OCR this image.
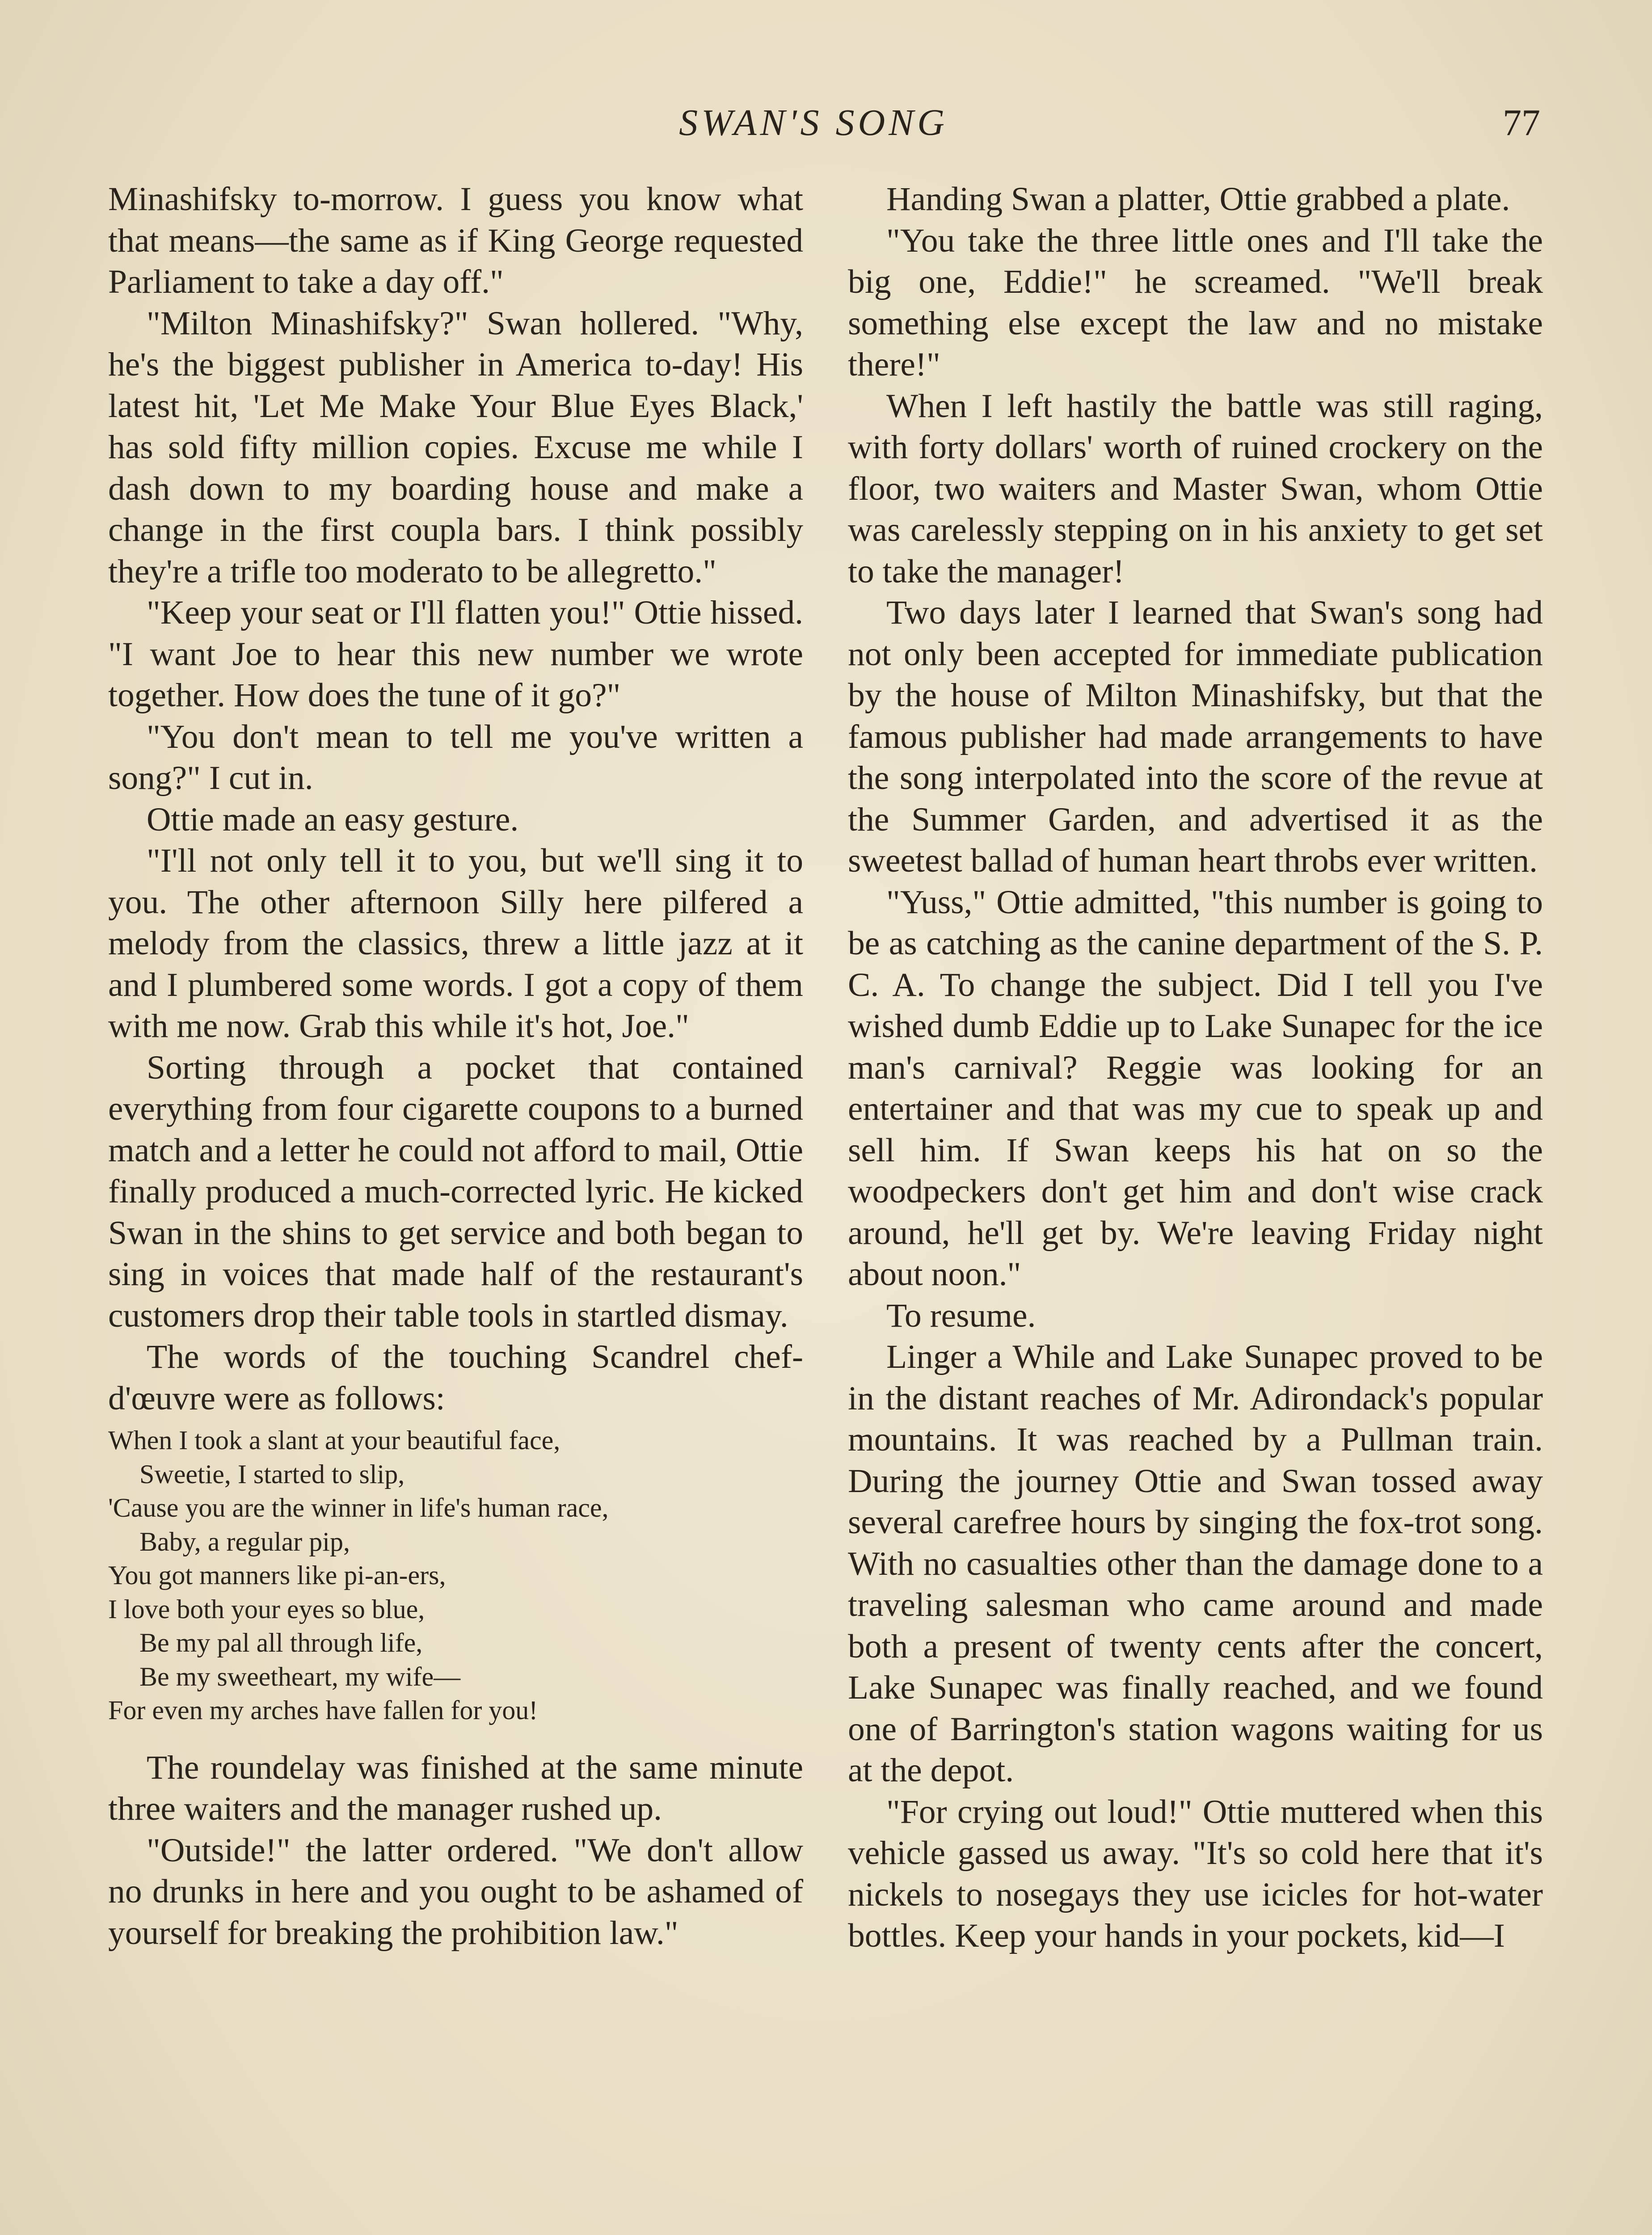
SWAN'S SONG	77

Minashifsky to-morrow. I guess you know what that means—the same as if King George requested Parliament to take a day off."

"Milton Minashifsky?" Swan hollered. "Why, he's the biggest publisher in America to-day! His latest hit, 'Let Me Make Your Blue Eyes Black,' has sold fifty million copies. Excuse me while I dash down to my boarding house and make a change in the first coupla bars. I think possibly they're a trifle too moderato to be allegretto."

"Keep your seat or I'll flatten you!" Ottie hissed. "I want Joe to hear this new number we wrote together. How does the tune of it go?"

"You don't mean to tell me you've written a song?" I cut in.

Ottie made an easy gesture.

"I'll not only tell it to you, but we'll sing it to you. The other afternoon Silly here pilfered a melody from the classics, threw a little jazz at it and I plumbered some words. I got a copy of them with me now. Grab this while it's hot, Joe."

Sorting through a pocket that contained everything from four cigarette coupons to a burned match and a letter he could not afford to mail, Ottie finally produced a much-corrected lyric. He kicked Swan in the shins to get service and both began to sing in voices that made half of the restaurant's customers drop their table tools in startled dismay.

The words of the touching Scandrel chef-d'œuvre were as follows:

When I took a slant at your beautiful face,
Sweetie, I started to slip,
'Cause you are the winner in life's human race,
Baby, a regular pip,
You got manners like pi-an-ers,
I love both your eyes so blue,
Be my pal all through life,
Be my sweetheart, my wife—
For even my arches have fallen for you!

The roundelay was finished at the same minute three waiters and the manager rushed up.

"Outside!" the latter ordered. "We don't allow no drunks in here and you ought to be ashamed of yourself for breaking the prohibition law."

Handing Swan a platter, Ottie grabbed a plate.

"You take the three little ones and I'll take the big one, Eddie!" he screamed. "We'll break something else except the law and no mistake there!"

When I left hastily the battle was still raging, with forty dollars' worth of ruined crockery on the floor, two waiters and Master Swan, whom Ottie was carelessly stepping on in his anxiety to get set to take the manager!

Two days later I learned that Swan's song had not only been accepted for immediate publication by the house of Milton Minashifsky, but that the famous publisher had made arrangements to have the song interpolated into the score of the revue at the Summer Garden, and advertised it as the sweetest ballad of human heart throbs ever written.

"Yuss," Ottie admitted, "this number is going to be as catching as the canine department of the S. P. C. A. To change the subject. Did I tell you I've wished dumb Eddie up to Lake Sunapec for the ice man's carnival? Reggie was looking for an entertainer and that was my cue to speak up and sell him. If Swan keeps his hat on so the woodpeckers don't get him and don't wise crack around, he'll get by. We're leaving Friday night about noon."

To resume.

Linger a While and Lake Sunapec proved to be in the distant reaches of Mr. Adirondack's popular mountains. It was reached by a Pullman train. During the journey Ottie and Swan tossed away several carefree hours by singing the fox-trot song. With no casualties other than the damage done to a traveling salesman who came around and made both a present of twenty cents after the concert, Lake Sunapec was finally reached, and we found one of Barrington's station wagons waiting for us at the depot.

"For crying out loud!" Ottie muttered when this vehicle gassed us away. "It's so cold here that it's nickels to nosegays they use icicles for hot-water bottles. Keep your hands in your pockets, kid—I
